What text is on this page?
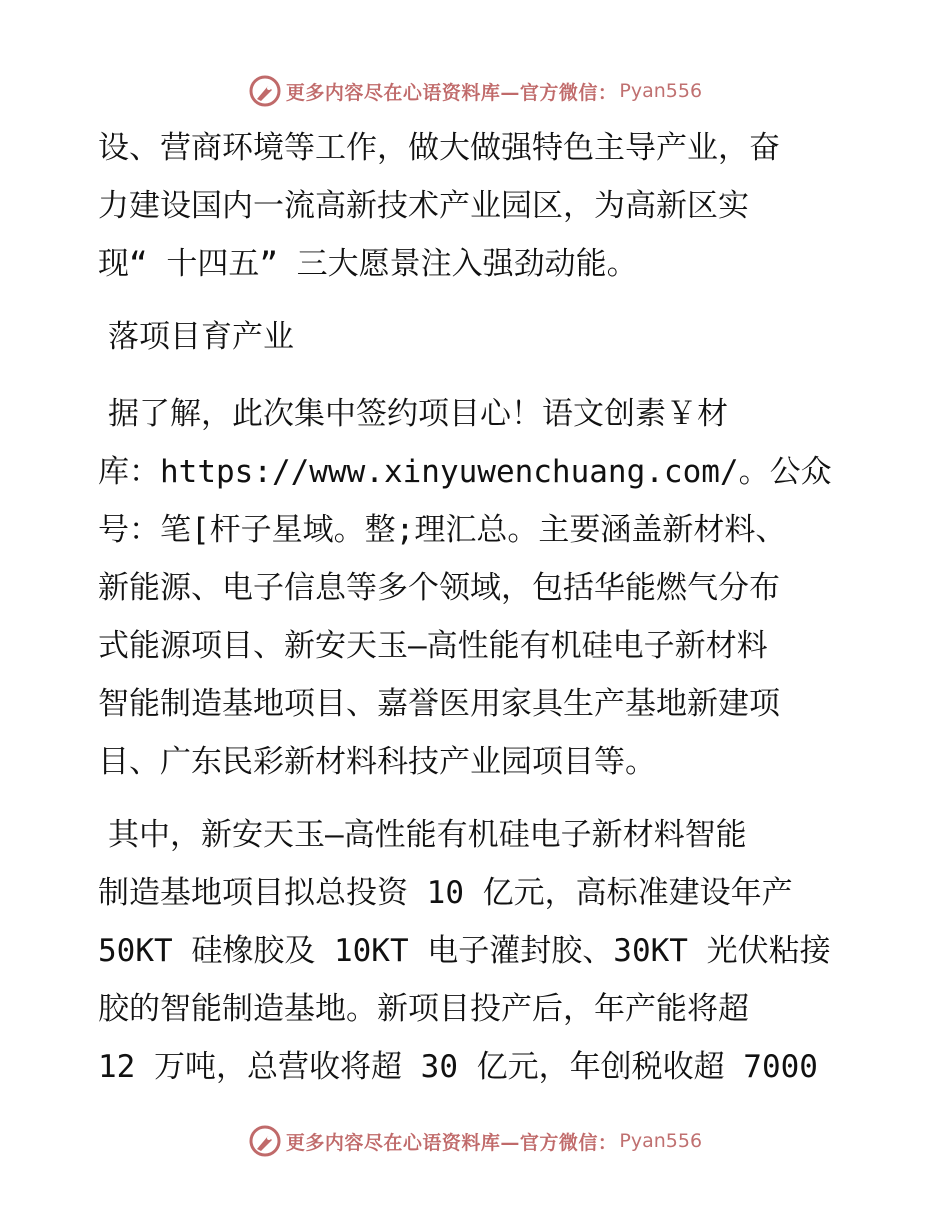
更多内容尽在心语资料库—官方微信： Pyan556
设、营商环境等工作，做大做强特色主导产业，奋
力建设国内一流高新技术产业园区，为高新区实
现“ 十四五” 三大愿景注入强劲动能。
落项目育产业
据了解，此次集中签约项目心！语文创素￥材
库：https://www.xinyuwenchuang.com/。公众
号：笔[杆子星域。整;理汇总。主要涵盖新材料、
新能源、电子信息等多个领域，包括华能燃气分布
式能源项目、新安天玉—高性能有机硅电子新材料
智能制造基地项目、嘉誉医用家具生产基地新建项
目、广东民彩新材料科技产业园项目等。
其中，新安天玉—高性能有机硅电子新材料智能
制造基地项目拟总投资 10 亿元，高标准建设年产
50KT 硅橡胶及 10KT 电子灌封胶、30KT 光伏粘接
胶的智能制造基地。新项目投产后，年产能将超
12 万吨，总营收将超 30 亿元，年创税收超 7000
更多内容尽在心语资料库—官方微信： Pyan556
